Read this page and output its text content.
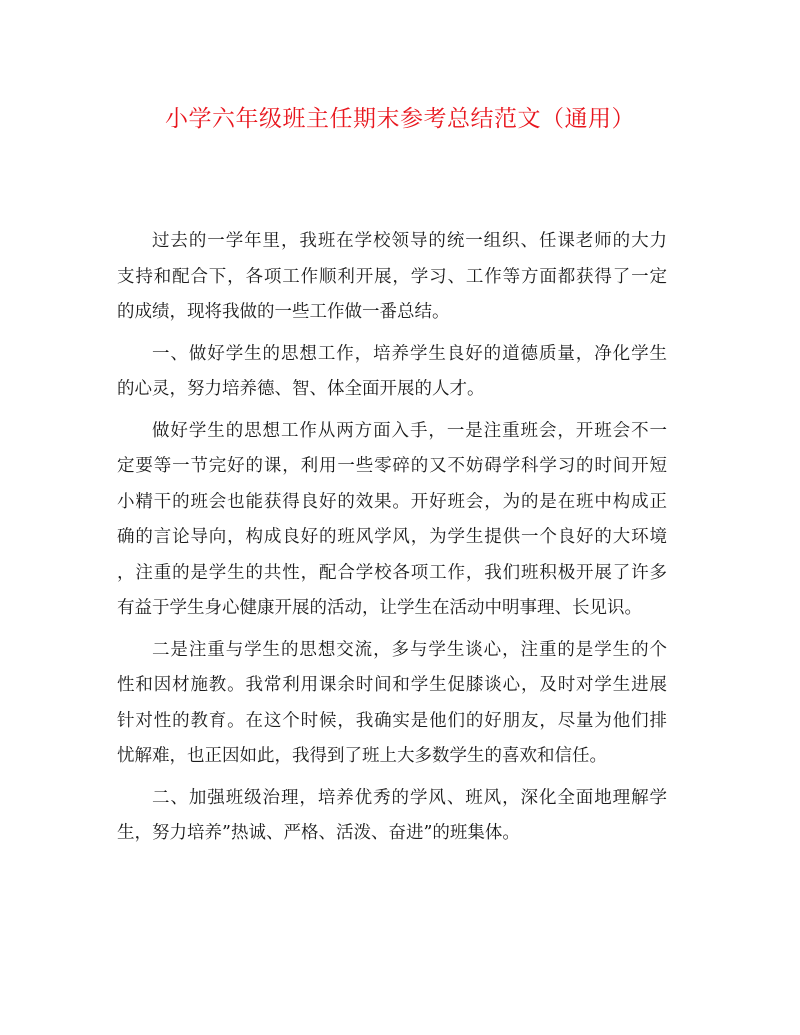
小学六年级班主任期末参考总结范文（通用）
过去的一学年里，我班在学校领导的统一组织、任课老师的大力
支持和配合下，各项工作顺利开展，学习、工作等方面都获得了一定
的成绩，现将我做的一些工作做一番总结。
一、做好学生的思想工作，培养学生良好的道德质量，净化学生
的心灵，努力培养德、智、体全面开展的人才。
做好学生的思想工作从两方面入手，一是注重班会，开班会不一
定要等一节完好的课，利用一些零碎的又不妨碍学科学习的时间开短
小精干的班会也能获得良好的效果。开好班会，为的是在班中构成正
确的言论导向，构成良好的班风学风，为学生提供一个良好的大环境
，注重的是学生的共性，配合学校各项工作，我们班积极开展了许多
有益于学生身心健康开展的活动，让学生在活动中明事理、长见识。
二是注重与学生的思想交流，多与学生谈心，注重的是学生的个
性和因材施教。我常利用课余时间和学生促膝谈心，及时对学生进展
针对性的教育。在这个时候，我确实是他们的好朋友，尽量为他们排
忧解难，也正因如此，我得到了班上大多数学生的喜欢和信任。
二、加强班级治理，培养优秀的学风、班风，深化全面地理解学
生，努力培养”热诚、严格、活泼、奋进”的班集体。
